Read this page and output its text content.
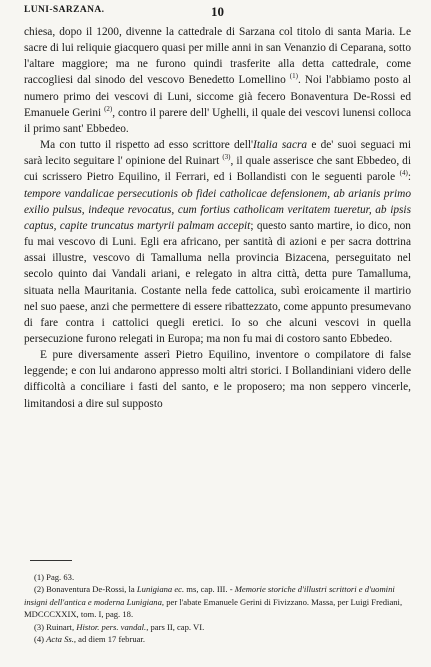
LUNI-SARZANA.	10

chiesa, dopo il 1200, divenne la cattedrale di Sarzana col titolo di santa Maria. Le sacre di lui reliquie giacquero quasi per mille anni in san Venanzio di Ceparana, sotto l'altare maggiore; ma ne furono quindi trasferite alla detta cattedrale, come raccogliesi dal sinodo del vescovo Benedetto Lomellino $^{(1)}$. Noi l'abbiamo posto al numero primo dei vescovi di Luni, siccome già fecero Bonaventura De-Rossi ed Emanuele Gerini $^{(2)}$, contro il parere dell' Ughelli, il quale dei vescovi lunensi colloca il primo sant' Ebbedeo.

Ma con tutto il rispetto ad esso scrittore dell'Italia sacra e de' suoi seguaci mi sarà lecito seguitare l' opinione del Ruinart $^{(3)}$, il quale asserisce che sant Ebbedeo, di cui scrissero Pietro Equilino, il Ferrari, ed i Bollandisti con le seguenti parole $^{(4)}$: tempore vandalicae persecutionis ob fidei catholicae defensionem, ab arianis primo exilio pulsus, indeque revocatus, cum fortius catholicam veritatem tueretur, ab ipsis captus, capite truncatus martyrii palmam accepit; questo santo martire, io dico, non fu mai vescovo di Luni. Egli era africano, per santità di azioni e per sacra dottrina assai illustre, vescovo di Tamalluma nella provincia Bizacena, perseguitato nel secolo quinto dai Vandali ariani, e relegato in altra città, detta pure Tamalluma, situata nella Mauritania. Costante nella fede cattolica, subì eroicamente il martirio nel suo paese, anzi che permettere di essere ribattezzato, come appunto presumevano di fare contra i cattolici quegli eretici. Io so che alcuni vescovi in quella persecuzione furono relegati in Europa; ma non fu mai di costoro santo Ebbedeo.

E pure diversamente asserì Pietro Equilino, inventore o compilatore di false leggende; e con lui andarono appresso molti altri storici. I Bollandiniani videro delle difficoltà a conciliare i fasti del santo, e le proposero; ma non seppero vincerle, limitandosi a dire sul supposto

(1) Pag. 63.

(2) Bonaventura De-Rossi, la Lunigiana ec. ms, cap. III. - Memorie storiche d'illustri scrittori e d'uomini insigni dell'antica e moderna Lunigiana, per l'abate Emanuele Gerini di Fivizzano. Massa, per Luigi Frediani, MDCCCXXIX, tom. I, pag. 18.

(3) Ruinart, Histor. pers. vandal., pars II, cap. VI.

(4) Acta Ss., ad diem 17 februar.
